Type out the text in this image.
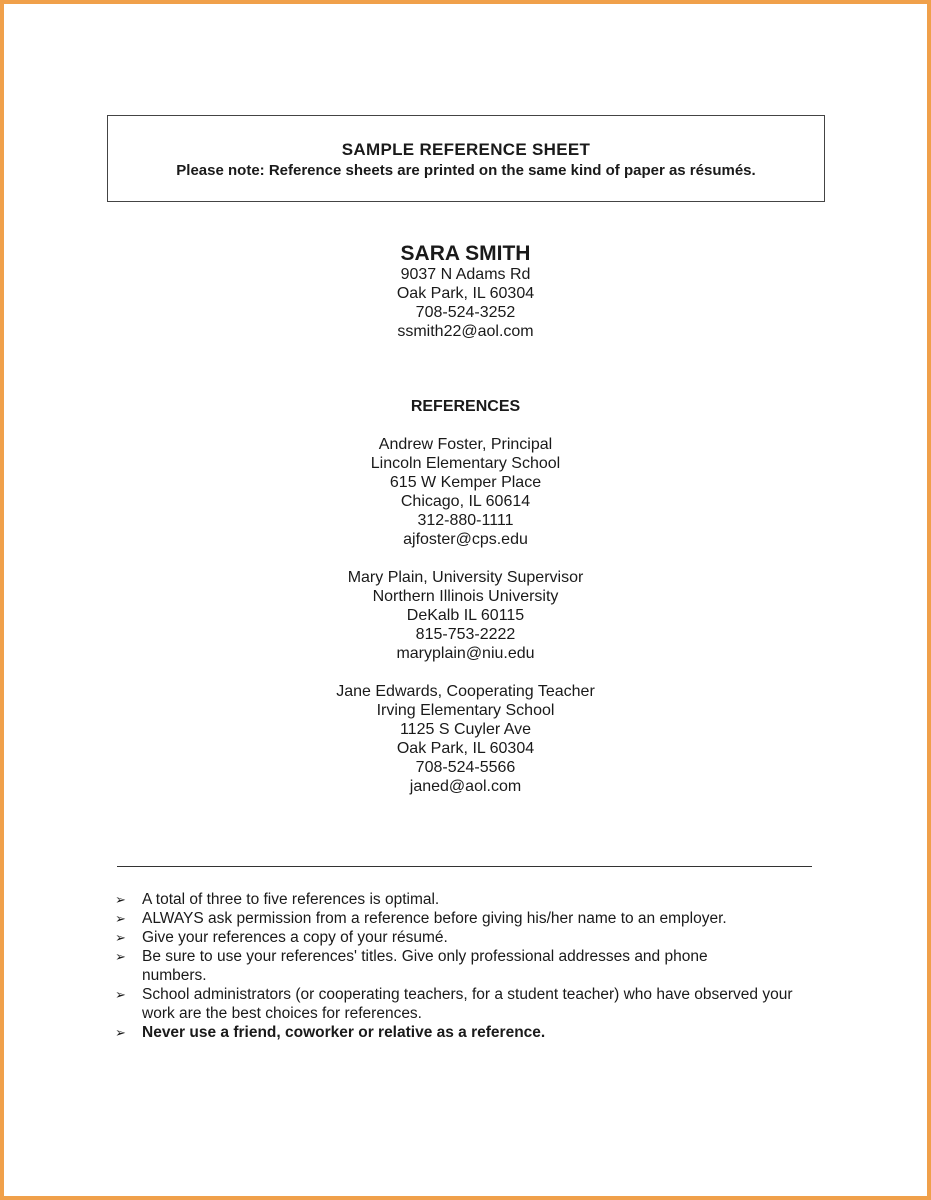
SAMPLE REFERENCE SHEET
Please note: Reference sheets are printed on the same kind of paper as résumés.
SARA SMITH
9037 N Adams Rd
Oak Park, IL 60304
708-524-3252
ssmith22@aol.com
REFERENCES
Andrew Foster, Principal
Lincoln Elementary School
615 W Kemper Place
Chicago, IL 60614
312-880-1111
ajfoster@cps.edu
Mary Plain, University Supervisor
Northern Illinois University
DeKalb IL 60115
815-753-2222
maryplain@niu.edu
Jane Edwards, Cooperating Teacher
Irving Elementary School
1125 S Cuyler Ave
Oak Park, IL 60304
708-524-5566
janed@aol.com
➢ A total of three to five references is optimal.
➢ ALWAYS ask permission from a reference before giving his/her name to an employer.
➢ Give your references a copy of your résumé.
➢ Be sure to use your references' titles. Give only professional addresses and phone numbers.
➢ School administrators (or cooperating teachers, for a student teacher) who have observed your work are the best choices for references.
➢ Never use a friend, coworker or relative as a reference.
